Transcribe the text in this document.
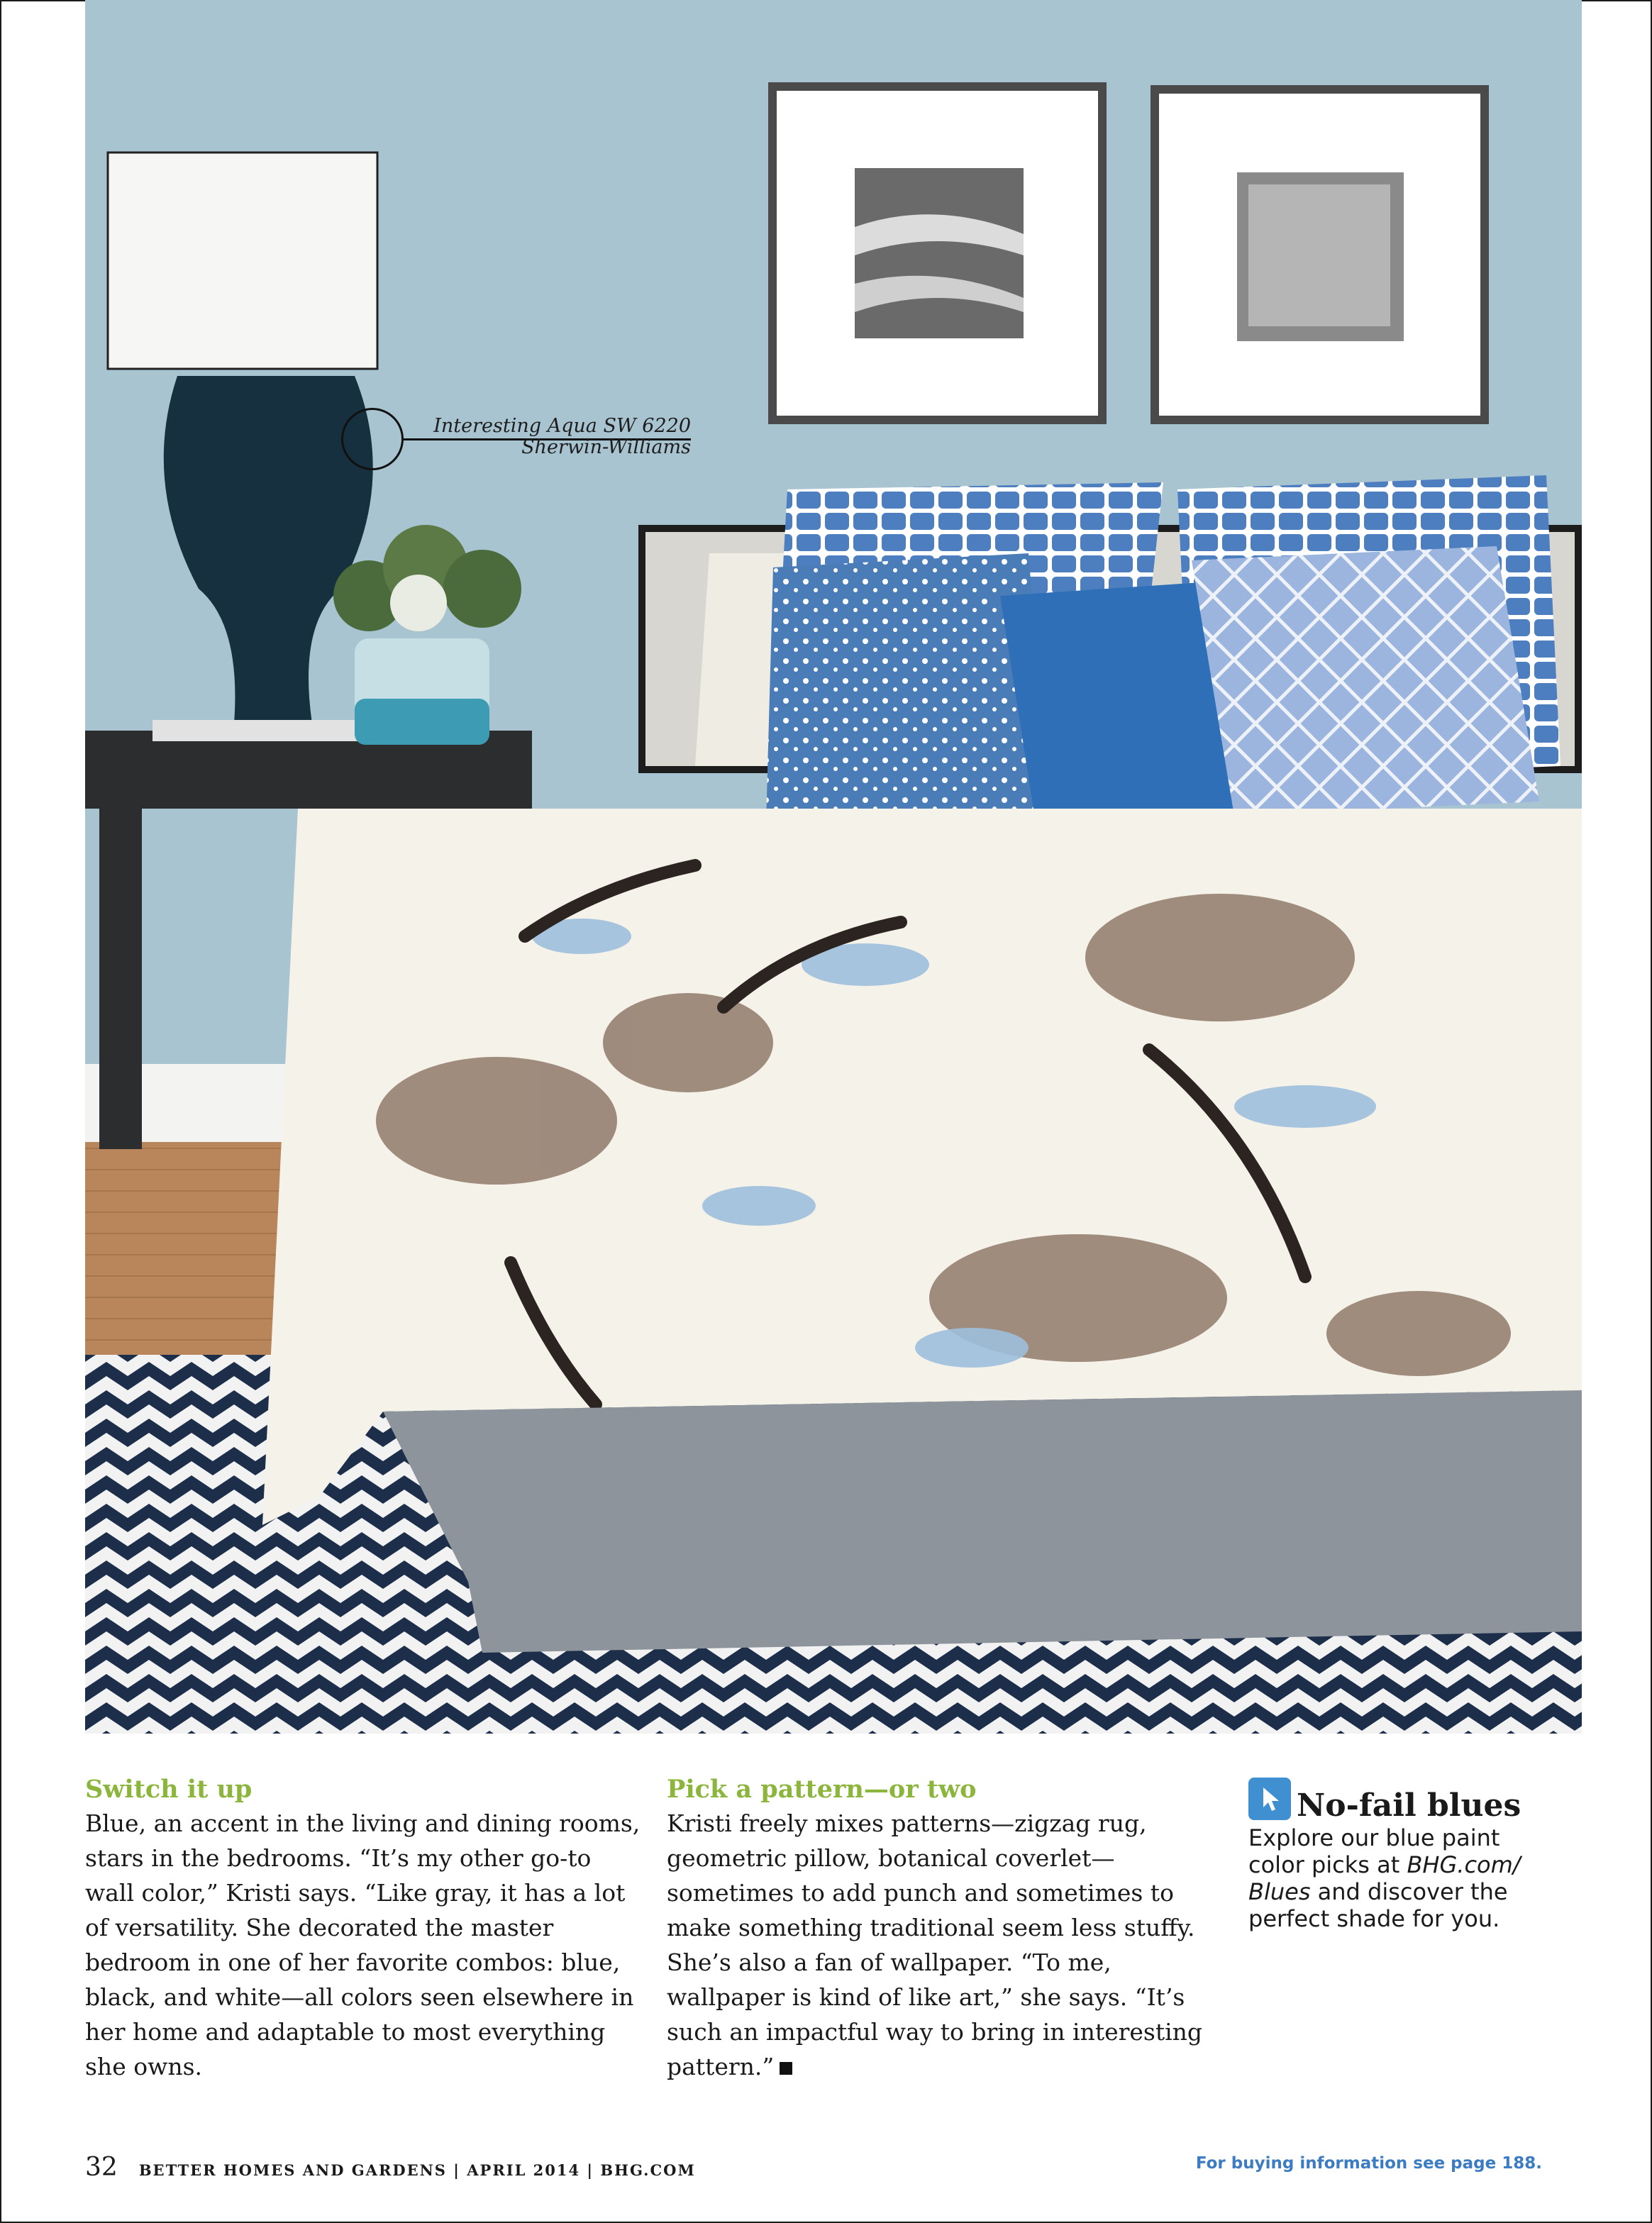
Interesting Aqua SW 6220
Sherwin-Williams
Switch it up

Blue, an accent in the living and dining rooms, stars in the bedrooms. “It’s my other go-to wall color,” Kristi says. “Like gray, it has a lot of versatility. She decorated the master bedroom in one of her favorite combos: blue, black, and white—all colors seen elsewhere in her home and adaptable to most everything she owns.

Pick a pattern—or two

Kristi freely mixes patterns—zigzag rug, geometric pillow, botanical coverlet—sometimes to add punch and sometimes to make something traditional seem less stuffy. She’s also a fan of wallpaper. “To me, wallpaper is kind of like art,” she says. “It’s such an impactful way to bring in interesting pattern.”

No-fail blues
Explore our blue paint color picks at BHG.com/ Blues and discover the perfect shade for you.
32 BETTER HOMES AND GARDENS | APRIL 2014 | BHG.COM	For buying information see page 188.
